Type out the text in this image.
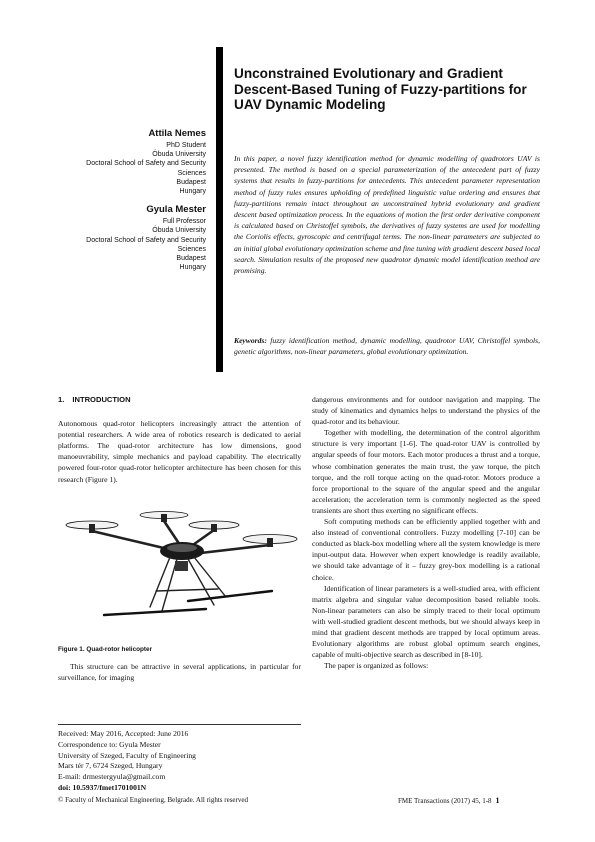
Attila Nemes
PhD Student
Óbuda University
Doctoral School of Safety and Security
Sciences
Budapest
Hungary
Gyula Mester
Full Professor
Óbuda University
Doctoral School of Safety and Security
Sciences
Budapest
Hungary
Unconstrained Evolutionary and Gradient Descent-Based Tuning of Fuzzy-partitions for UAV Dynamic Modeling

In this paper, a novel fuzzy identification method for dynamic modelling of quadrotors UAV is presented. The method is based on a special parameterization of the antecedent part of fuzzy systems that results in fuzzy-partitions for antecedents. This antecedent parameter representation method of fuzzy rules ensures upholding of predefined linguistic value ordering and ensures that fuzzy-partitions remain intact throughout an unconstrained hybrid evolutionary and gradient descent based optimization process. In the equations of motion the first order derivative component is calculated based on Christoffel symbols, the derivatives of fuzzy systems are used for modelling the Coriolis effects, gyroscopic and centrifugal terms. The non-linear parameters are subjected to an initial global evolutionary optimization scheme and fine tuning with gradient descent based local search. Simulation results of the proposed new quadrotor dynamic model identification method are promising.

Keywords: fuzzy identification method, dynamic modelling, quadrotor UAV, Christoffel symbols, genetic algorithms, non-linear parameters, global evolutionary optimization.

1. INTRODUCTION

Autonomous quad-rotor helicopters increasingly attract the attention of potential researchers. A wide area of robotics research is dedicated to aerial platforms. The quad-rotor architecture has low dimensions, good manoeuvrability, simple mechanics and payload capability. The electrically powered four-rotor quad-rotor helicopter architecture has been chosen for this research (Figure 1).

Figure 1. Quad-rotor helicopter

This structure can be attractive in several applications, in particular for surveillance, for imaging

dangerous environments and for outdoor navigation and mapping. The study of kinematics and dynamics helps to understand the physics of the quad-rotor and its behaviour.

Together with modelling, the determination of the control algorithm structure is very important [1-6]. The quad-rotor UAV is controlled by angular speeds of four motors. Each motor produces a thrust and a torque, whose combination generates the main trust, the yaw torque, the pitch torque, and the roll torque acting on the quad-rotor. Motors produce a force proportional to the square of the angular speed and the angular acceleration; the acceleration term is commonly neglected as the speed transients are short thus exerting no significant effects.

Soft computing methods can be efficiently applied together with and also instead of conventional controllers. Fuzzy modelling [7-10] can be conducted as black-box modelling where all the system knowledge is mere input-output data. However when expert knowledge is readily available, we should take advantage of it – fuzzy grey-box modelling is a rational choice.

Identification of linear parameters is a well-studied area, with efficient matrix algebra and singular value decomposition based reliable tools. Non-linear parameters can also be simply traced to their local optimum with well-studied gradient descent methods, but we should always keep in mind that gradient descent methods are trapped by local optimum areas. Evolutionary algorithms are robust global optimum search engines, capable of multi-objective search as described in [8-10].

The paper is organized as follows:

Received: May 2016, Accepted: June 2016
Correspondence to: Gyula Mester
University of Szeged, Faculty of Engineering
Mars tér 7, 6724 Szeged, Hungary
E-mail: drmestergyula@gmail.com
doi: 10.5937/fmet1701001N
© Faculty of Mechanical Engineering, Belgrade. All rights reserved	FME Transactions (2017) 45, 1-8 1
